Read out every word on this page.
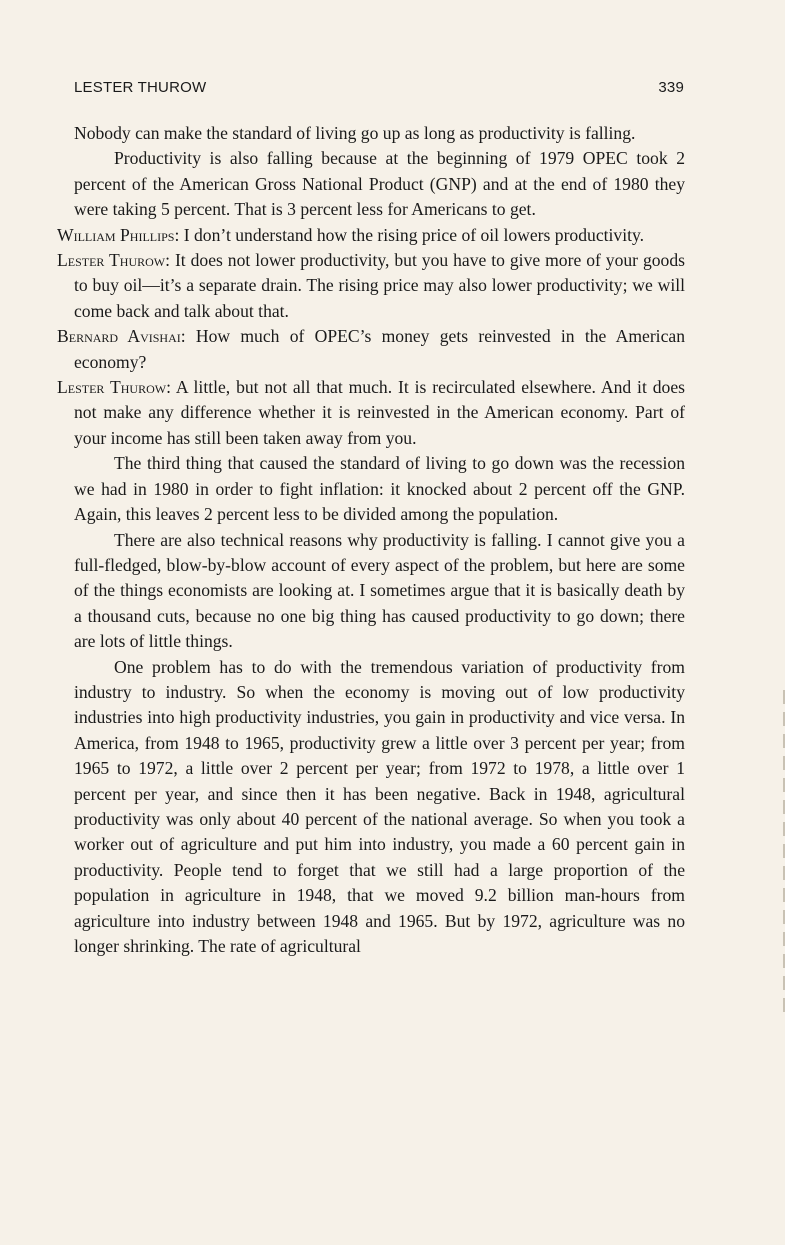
LESTER THUROW	339

Nobody can make the standard of living go up as long as productivity is falling.

Productivity is also falling because at the beginning of 1979 OPEC took 2 percent of the American Gross National Product (GNP) and at the end of 1980 they were taking 5 percent. That is 3 percent less for Americans to get.

William Phillips: I don’t understand how the rising price of oil lowers productivity.

Lester Thurow: It does not lower productivity, but you have to give more of your goods to buy oil—it’s a separate drain. The rising price may also lower productivity; we will come back and talk about that.

Bernard Avishai: How much of OPEC’s money gets reinvested in the American economy?

Lester Thurow: A little, but not all that much. It is recirculated elsewhere. And it does not make any difference whether it is reinvested in the American economy. Part of your income has still been taken away from you.

The third thing that caused the standard of living to go down was the recession we had in 1980 in order to fight inflation: it knocked about 2 percent off the GNP. Again, this leaves 2 percent less to be divided among the population.

There are also technical reasons why productivity is falling. I cannot give you a full-fledged, blow-by-blow account of every aspect of the problem, but here are some of the things economists are looking at. I sometimes argue that it is basically death by a thousand cuts, because no one big thing has caused productivity to go down; there are lots of little things.

One problem has to do with the tremendous variation of productivity from industry to industry. So when the economy is moving out of low productivity industries into high productivity industries, you gain in productivity and vice versa. In America, from 1948 to 1965, productivity grew a little over 3 percent per year; from 1965 to 1972, a little over 2 percent per year; from 1972 to 1978, a little over 1 percent per year, and since then it has been negative. Back in 1948, agricultural productivity was only about 40 percent of the national average. So when you took a worker out of agriculture and put him into industry, you made a 60 percent gain in productivity. People tend to forget that we still had a large proportion of the population in agriculture in 1948, that we moved 9.2 billion man-hours from agriculture into industry between 1948 and 1965. But by 1972, agriculture was no longer shrinking. The rate of agricultural
